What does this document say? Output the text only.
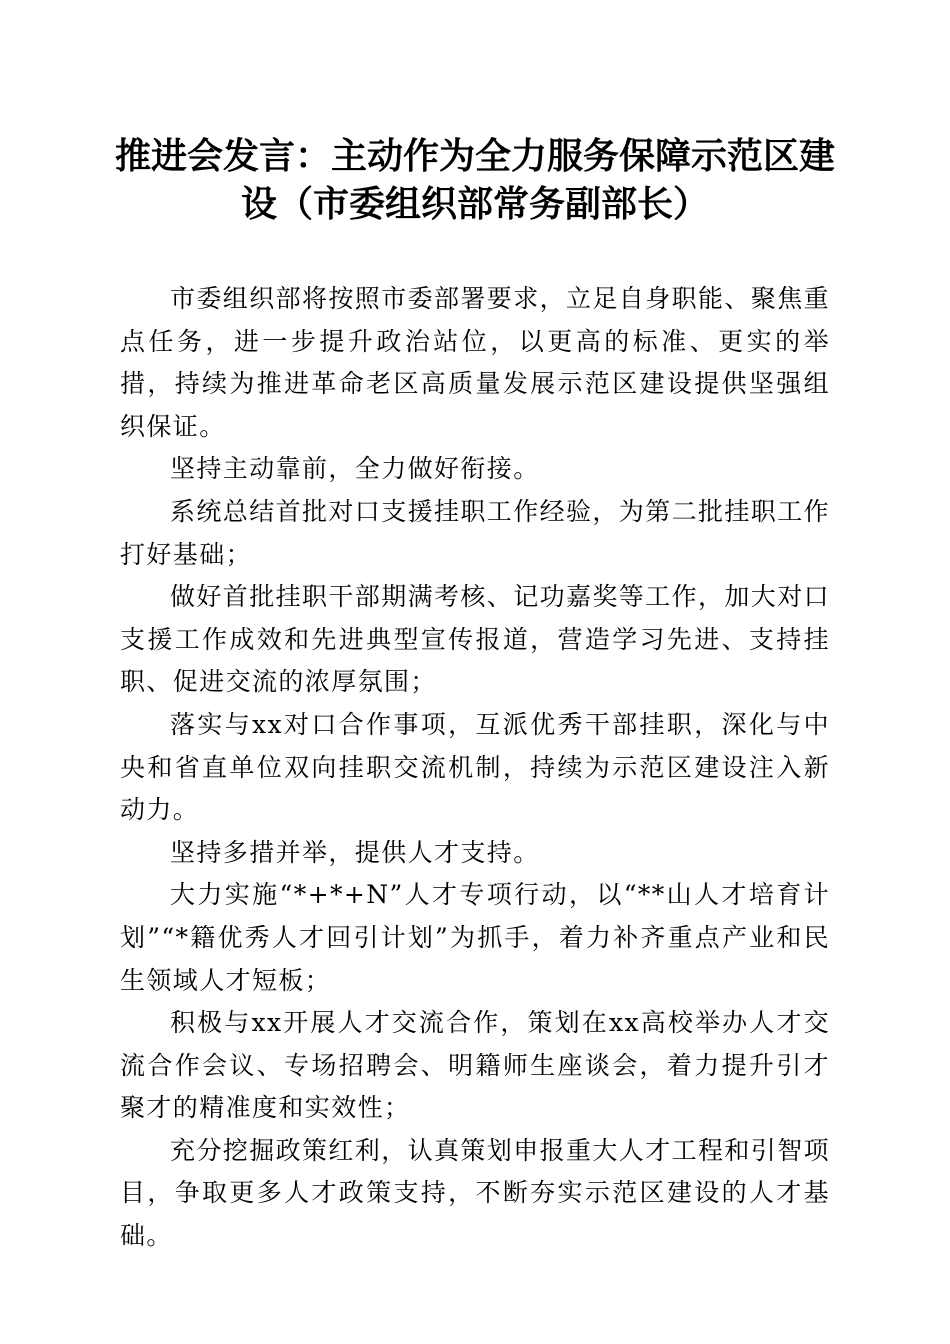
推进会发言：主动作为全力服务保障示范区建
设（市委组织部常务副部长）

市委组织部将按照市委部署要求，立足自身职能、聚焦重点任务，进一步提升政治站位，以更高的标准、更实的举措，持续为推进革命老区高质量发展示范区建设提供坚强组织保证。

坚持主动靠前，全力做好衔接。

系统总结首批对口支援挂职工作经验，为第二批挂职工作打好基础；

做好首批挂职干部期满考核、记功嘉奖等工作，加大对口支援工作成效和先进典型宣传报道，营造学习先进、支持挂职、促进交流的浓厚氛围；

落实与xx对口合作事项，互派优秀干部挂职，深化与中央和省直单位双向挂职交流机制，持续为示范区建设注入新动力。

坚持多措并举，提供人才支持。

大力实施“*+*+N”人才专项行动，以“**山人才培育计划”“*籍优秀人才回引计划”为抓手，着力补齐重点产业和民生领域人才短板；

积极与xx开展人才交流合作，策划在xx高校举办人才交流合作会议、专场招聘会、明籍师生座谈会，着力提升引才聚才的精准度和实效性；

充分挖掘政策红利，认真策划申报重大人才工程和引智项目，争取更多人才政策支持，不断夯实示范区建设的人才基础。
